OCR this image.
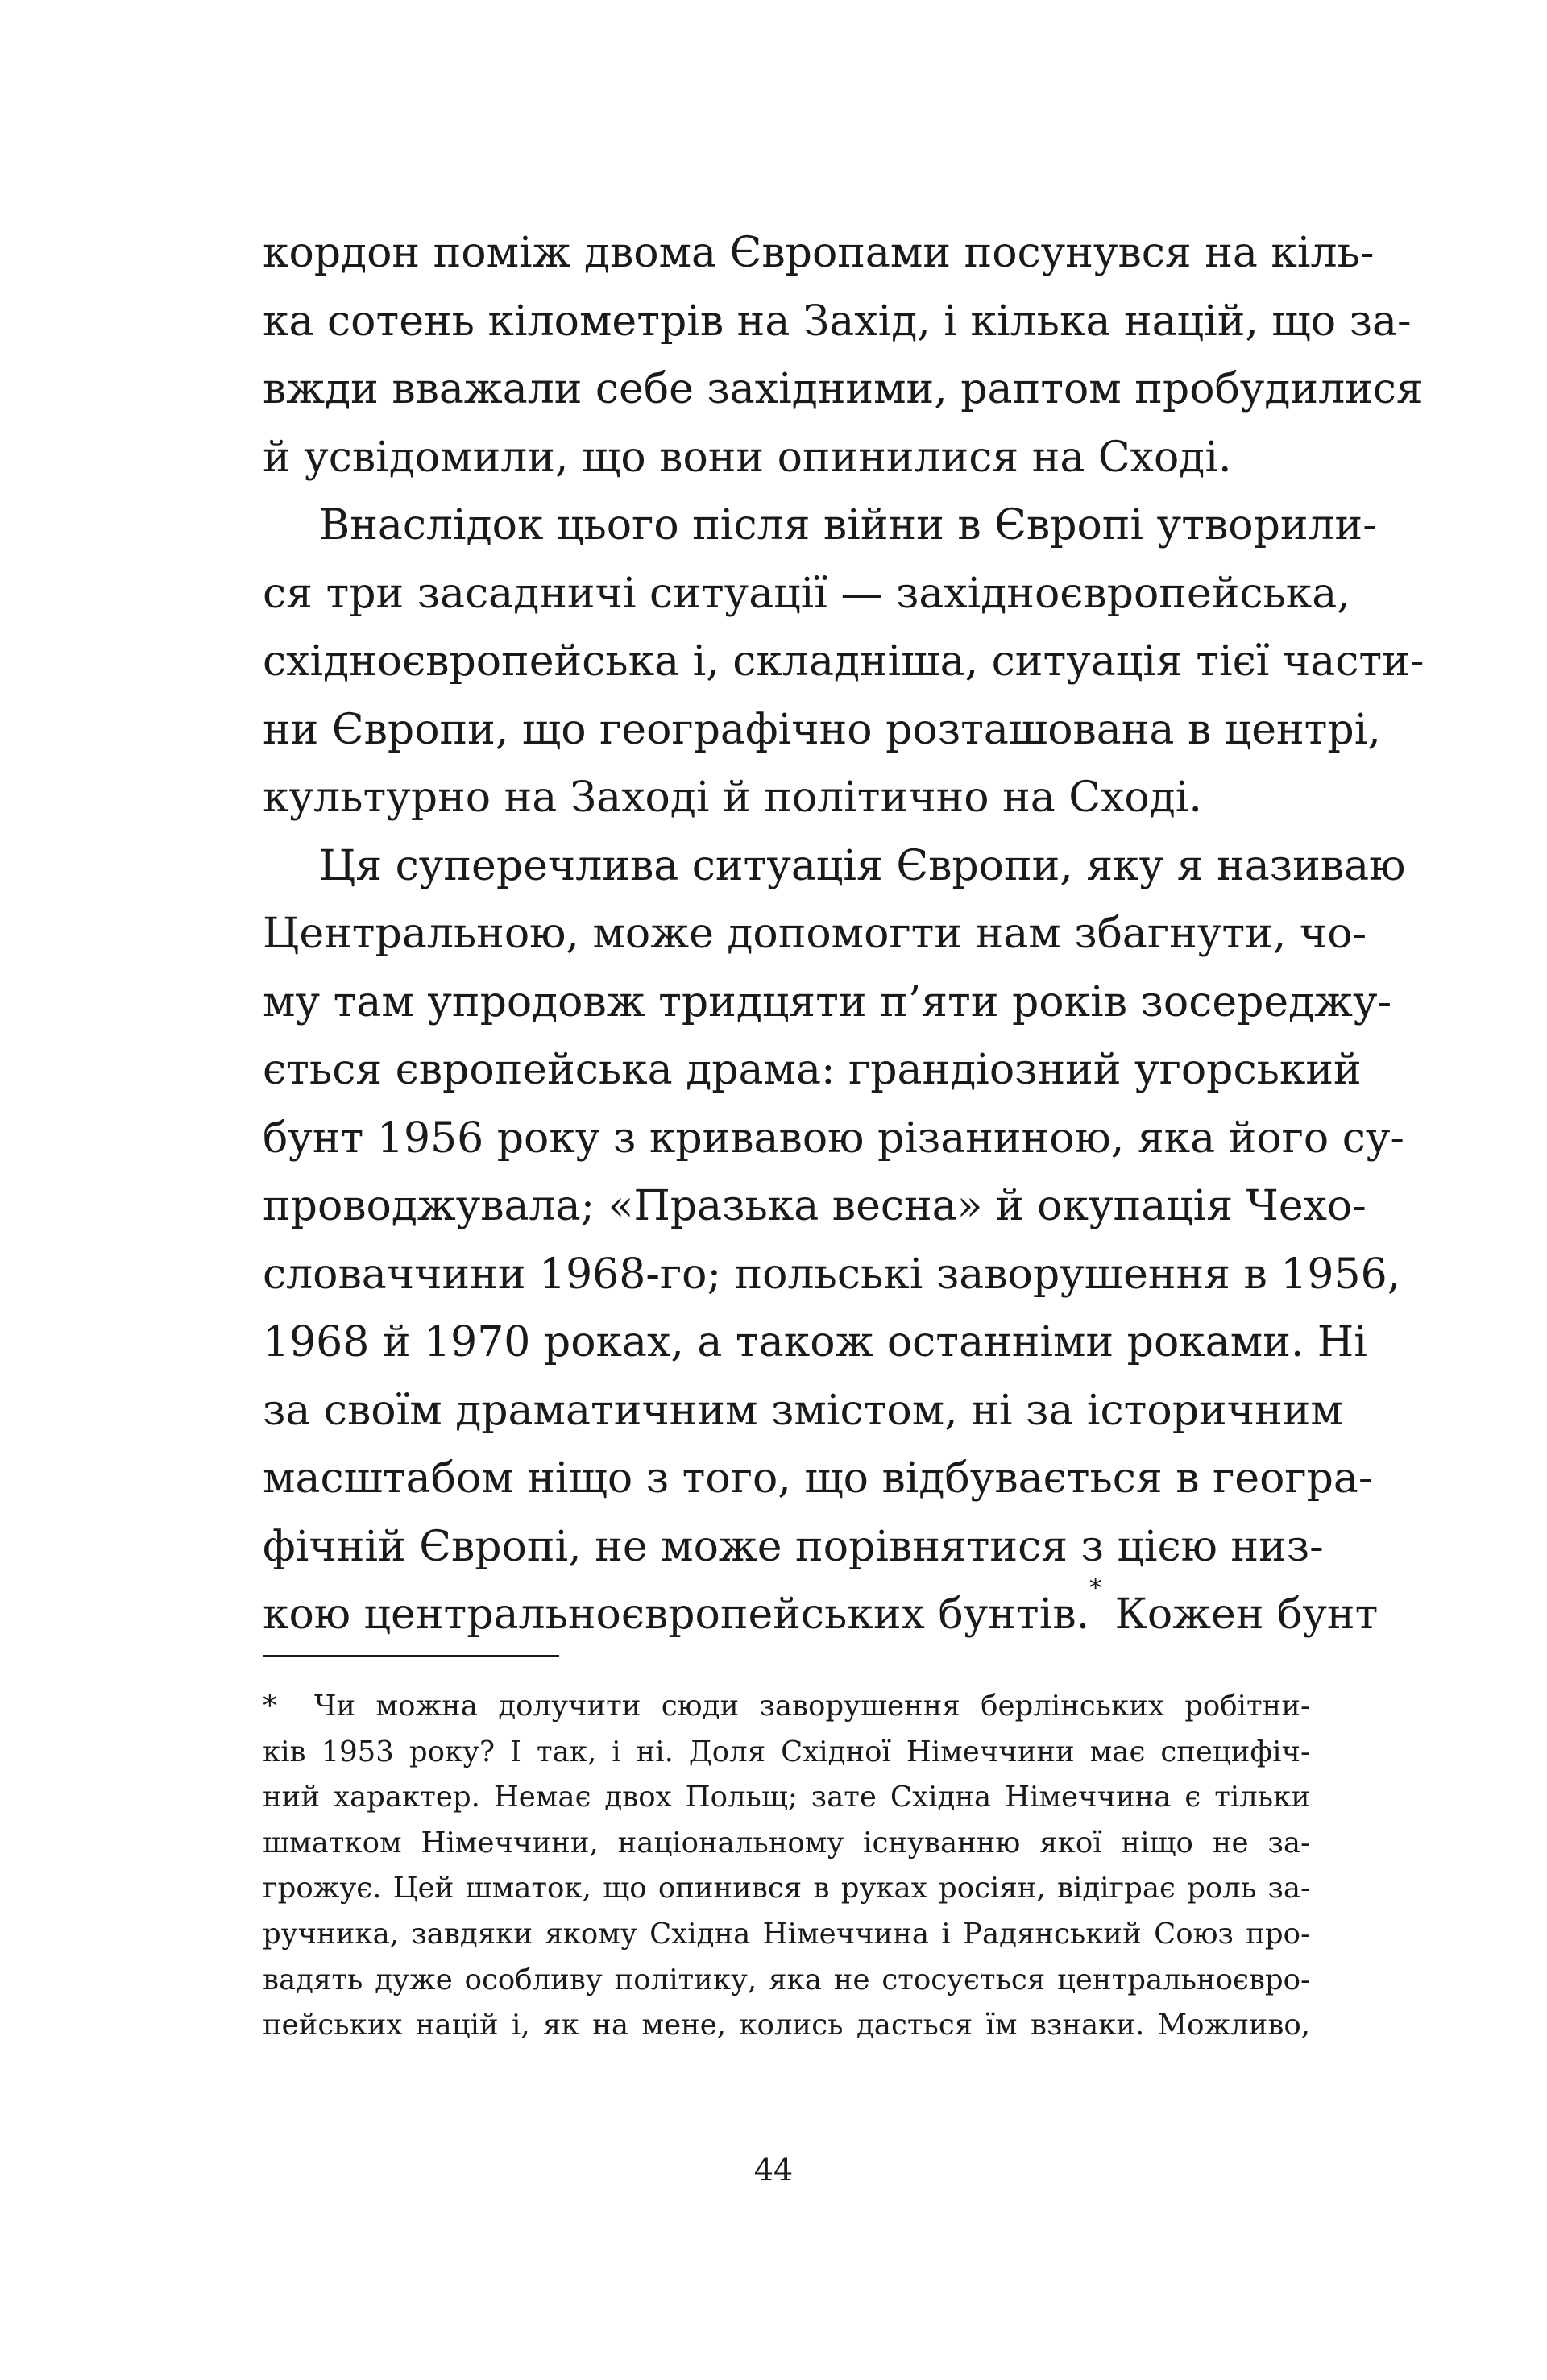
кордон поміж двома Європами посунувся на кіль-
ка сотень кілометрів на Захід, і кілька націй, що за-
вжди вважали себе західними, раптом пробудилися
й усвідомили, що вони опинилися на Сході.
Внаслідок цього після війни в Європі утворили-
ся три засадничі ситуації — західноєвропейська,
східноєвропейська і, складніша, ситуація тієї части-
ни Європи, що географічно розташована в центрі,
культурно на Заході й політично на Сході.
Ця суперечлива ситуація Європи, яку я називаю
Центральною, може допомогти нам збагнути, чо-
му там упродовж тридцяти п’яти років зосереджу-
ється європейська драма: грандіозний угорський
бунт 1956 року з кривавою різаниною, яка його су-
проводжувала; «Празька весна» й окупація Чехо-
словаччини 1968-го; польські заворушення в 1956,
1968 й 1970 роках, а також останніми роками. Ні
за своїм драматичним змістом, ні за історичним
масштабом ніщо з того, що відбувається в геогра-
фічній Європі, не може порівнятися з цією низ-
кою центральноєвропейських бунтів.* Кожен бунт
* Чи можна долучити сюди заворушення берлінських робітни-
ків 1953 року? І так, і ні. Доля Східної Німеччини має специфіч-
ний характер. Немає двох Польщ; зате Східна Німеччина є тільки
шматком Німеччини, національному існуванню якої ніщо не за-
грожує. Цей шматок, що опинився в руках росіян, відіграє роль за-
ручника, завдяки якому Східна Німеччина і Радянський Союз про-
вадять дуже особливу політику, яка не стосується центральноєвро-
пейських націй і, як на мене, колись дасться їм взнаки. Можливо,
44
